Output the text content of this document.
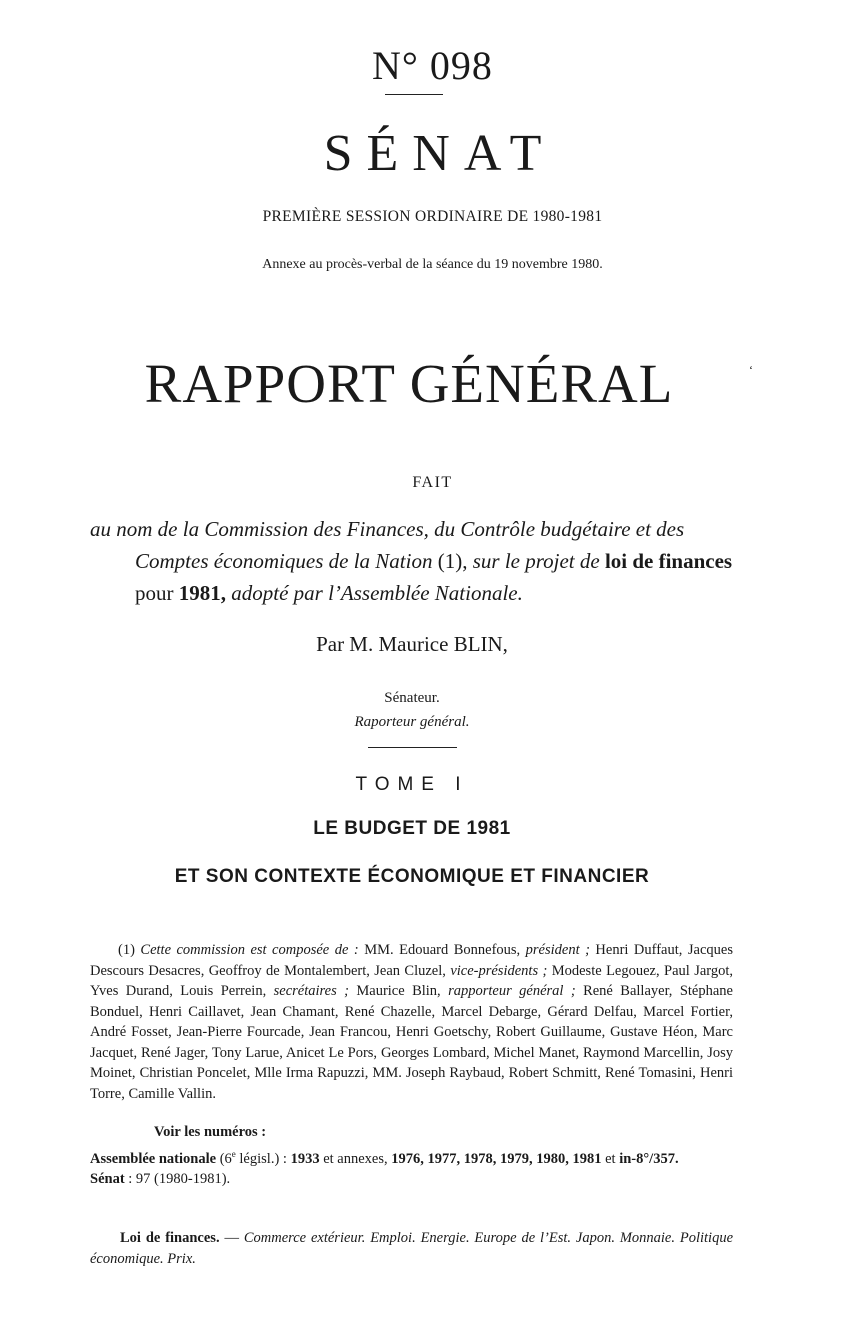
N° 098
SÉNAT
PREMIÈRE SESSION ORDINAIRE DE 1980-1981
Annexe au procès-verbal de la séance du 19 novembre 1980.
‘
RAPPORT GÉNÉRAL
FAIT
au nom de la Commission des Finances, du Contrôle budgétaire et des
Comptes économiques de la Nation (1), sur le projet de loi de finances pour 1981, adopté par l’Assemblée Nationale.
Par M. Maurice BLIN,
Sénateur.
Raporteur général.
TOME I
LE BUDGET DE 1981
ET SON CONTEXTE ÉCONOMIQUE ET FINANCIER
(1) Cette commission est composée de : MM. Edouard Bonnefous, président ; Henri Duffaut, Jacques Descours Desacres, Geoffroy de Montalembert, Jean Cluzel, vice-présidents ; Modeste Legouez, Paul Jargot, Yves Durand, Louis Perrein, secrétaires ; Maurice Blin, rapporteur général ; René Ballayer, Stéphane Bonduel, Henri Caillavet, Jean Chamant, René Chazelle, Marcel Debarge, Gérard Delfau, Marcel Fortier, André Fosset, Jean-Pierre Fourcade, Jean Francou, Henri Goetschy, Robert Guillaume, Gustave Héon, Marc Jacquet, René Jager, Tony Larue, Anicet Le Pors, Georges Lombard, Michel Manet, Raymond Marcellin, Josy Moinet, Christian Poncelet, Mlle Irma Rapuzzi, MM. Joseph Raybaud, Robert Schmitt, René Tomasini, Henri Torre, Camille Vallin.
Voir les numéros :
Assemblée nationale (6e législ.) : 1933 et annexes, 1976, 1977, 1978, 1979, 1980, 1981 et in-8°/357.
Sénat : 97 (1980-1981).
Loi de finances. — Commerce extérieur. Emploi. Energie. Europe de l’Est. Japon. Monnaie. Politique économique. Prix.
